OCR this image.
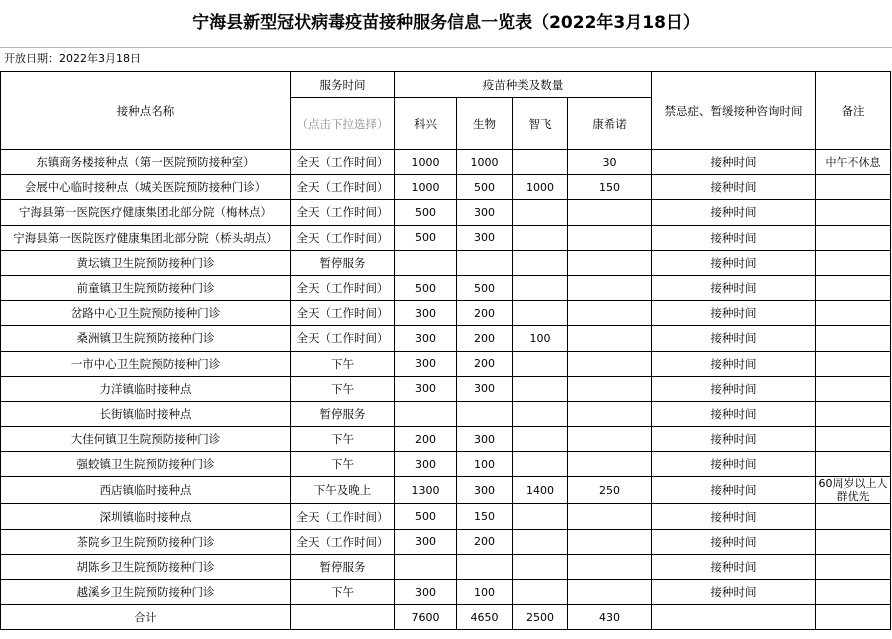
宁海县新型冠状病毒疫苗接种服务信息一览表（2022年3月18日）
开放日期：2022年3月18日
接种点名称	服务时间	疫苗种类及数量				禁忌症、暂缓接种咨询时间	备注
	（点击下拉选择）	科兴	生物	智飞	康希诺		
东镇商务楼接种点（第一医院预防接种室）	全天（工作时间）	1000	1000		30	接种时间	中午不休息
会展中心临时接种点（城关医院预防接种门诊）	全天（工作时间）	1000	500	1000	150	接种时间	
宁海县第一医院医疗健康集团北部分院（梅林点）	全天（工作时间）	500	300			接种时间	
宁海县第一医院医疗健康集团北部分院（桥头胡点）	全天（工作时间）	500	300			接种时间	
黄坛镇卫生院预防接种门诊	暂停服务					接种时间	
前童镇卫生院预防接种门诊	全天（工作时间）	500	500			接种时间	
岔路中心卫生院预防接种门诊	全天（工作时间）	300	200			接种时间	
桑洲镇卫生院预防接种门诊	全天（工作时间）	300	200	100		接种时间	
一市中心卫生院预防接种门诊	下午	300	200			接种时间	
力洋镇临时接种点	下午	300	300			接种时间	
长街镇临时接种点	暂停服务					接种时间	
大佳何镇卫生院预防接种门诊	下午	200	300			接种时间	
强蛟镇卫生院预防接种门诊	下午	300	100			接种时间	
西店镇临时接种点	下午及晚上	1300	300	1400	250	接种时间	60周岁以上人群优先
深圳镇临时接种点	全天（工作时间）	500	150			接种时间	
茶院乡卫生院预防接种门诊	全天（工作时间）	300	200			接种时间	
胡陈乡卫生院预防接种门诊	暂停服务					接种时间	
越溪乡卫生院预防接种门诊	下午	300	100			接种时间	
合计		7600	4650	2500	430		
